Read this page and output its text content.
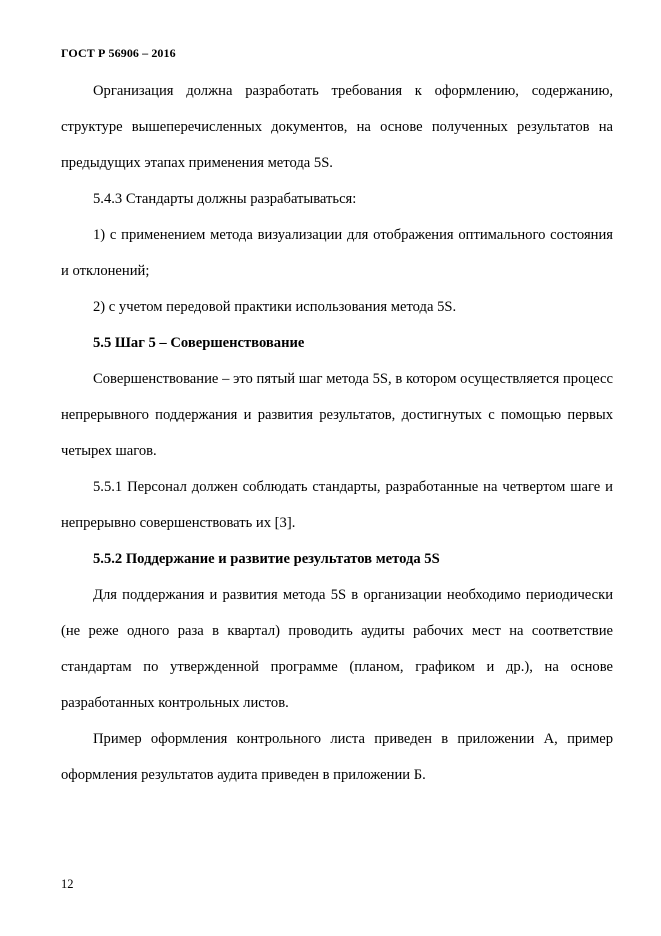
ГОСТ Р 56906 – 2016

Организация должна разработать требования к оформлению, содержанию, структуре вышеперечисленных документов, на основе полученных результатов на предыдущих этапах применения метода 5S.

5.4.3 Стандарты должны разрабатываться:

1) с применением метода визуализации для отображения оптимального состояния и отклонений;

2) с учетом передовой практики использования метода 5S.

5.5 Шаг 5 – Совершенствование

Совершенствование – это пятый шаг метода 5S, в котором осуществляется процесс непрерывного поддержания и развития результатов, достигнутых с помощью первых четырех шагов.

5.5.1 Персонал должен соблюдать стандарты, разработанные на четвертом шаге и непрерывно совершенствовать их [3].

5.5.2 Поддержание и развитие результатов метода 5S

Для поддержания и развития метода 5S в организации необходимо периодически (не реже одного раза в квартал) проводить аудиты рабочих мест на соответствие стандартам по утвержденной программе (планом, графиком и др.), на основе разработанных контрольных листов.

Пример оформления контрольного листа приведен в приложении А, пример оформления результатов аудита приведен в приложении Б.

12
